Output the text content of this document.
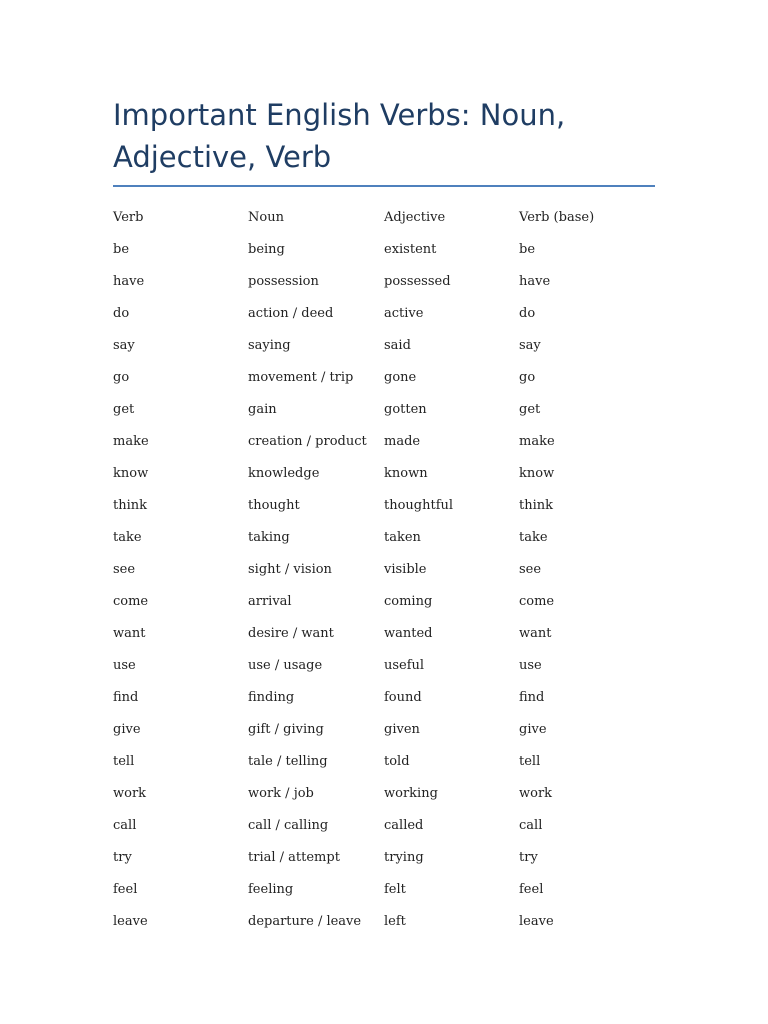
Important English Verbs: Noun, Adjective, Verb
Verb	Noun	Adjective	Verb (base)
be	being	existent	be
have	possession	possessed	have
do	action / deed	active	do
say	saying	said	say
go	movement / trip	gone	go
get	gain	gotten	get
make	creation / product	made	make
know	knowledge	known	know
think	thought	thoughtful	think
take	taking	taken	take
see	sight / vision	visible	see
come	arrival	coming	come
want	desire / want	wanted	want
use	use / usage	useful	use
find	finding	found	find
give	gift / giving	given	give
tell	tale / telling	told	tell
work	work / job	working	work
call	call / calling	called	call
try	trial / attempt	trying	try
feel	feeling	felt	feel
leave	departure / leave	left	leave
